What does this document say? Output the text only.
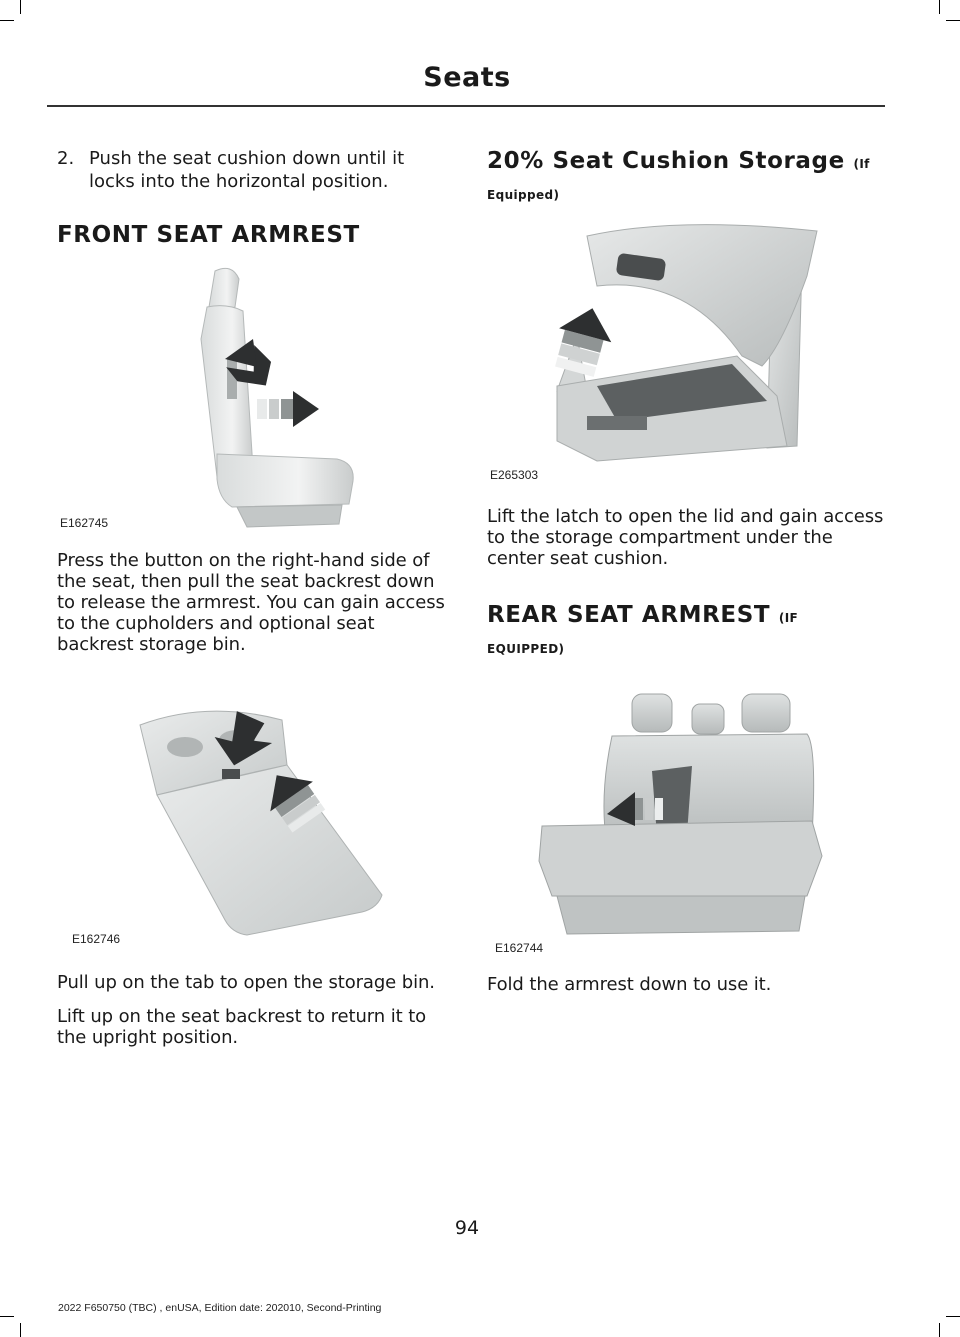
Seats
2. Push the seat cushion down until it locks into the horizontal position.
FRONT SEAT ARMREST
E162745

Press the button on the right-hand side of the seat, then pull the seat backrest down to release the armrest. You can gain access to the cupholders and optional seat backrest storage bin.

E162746

Pull up on the tab to open the storage bin.

Lift up on the seat backrest to return it to the upright position.

20% Seat Cushion Storage (If
Equipped)
E265303

Lift the latch to open the lid and gain access to the storage compartment under the center seat cushion.

REAR SEAT ARMREST (IF
EQUIPPED)
E162744

Fold the armrest down to use it.

94
2022 F650750 (TBC) , enUSA, Edition date: 202010, Second-Printing
